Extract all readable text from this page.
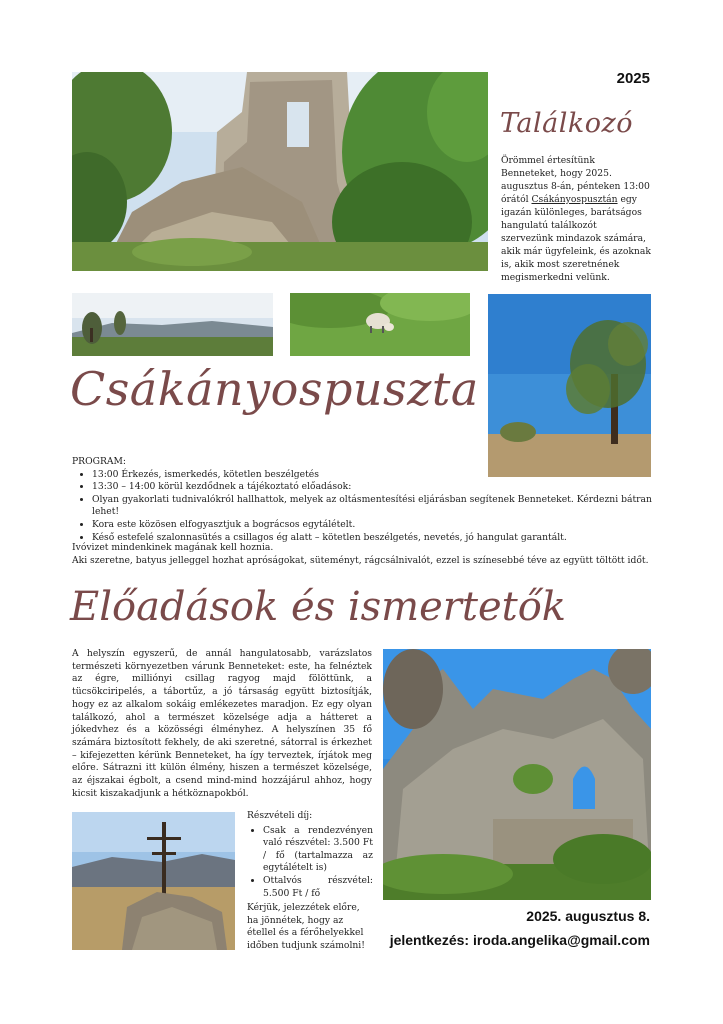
2025
Találkozó
Örömmel értesítünk Benneteket, hogy 2025. augusztus 8-án, pénteken 13:00 órától Csákányospusztán egy igazán különleges, barátságos hangulatú találkozót szervezünk mindazok számára, akik már ügyfeleink, és azoknak is, akik most szeretnének megismerkedni velünk.
Csákányospuszta
PROGRAM:
• 13:00 Érkezés, ismerkedés, kötetlen beszélgetés
• 13:30 – 14:00 körül kezdődnek a tájékoztató előadások:
• Olyan gyakorlati tudnivalókról hallhattok, melyek az oltásmentesítési eljárásban segítenek Benneteket. Kérdezni bátran lehet!
• Kora este közösen elfogyasztjuk a bográcsos egytálételt.
• Késő estefelé szalonnasütés a csillagos ég alatt – kötetlen beszélgetés, nevetés, jó hangulat garantált.
Ivóvizet mindenkinek magának kell hoznia.
Aki szeretne, batyus jelleggel hozhat apróságokat, süteményt, rágcsálnivalót, ezzel is színesebbé téve az együtt töltött időt.
Előadások és ismertetők
A helyszín egyszerű, de annál hangulatosabb, varázslatos természeti környezetben várunk Benneteket: este, ha felnéztek az égre, milliónyi csillag ragyog majd fölöttünk, a tücsökciripelés, a tábortűz, a jó társaság együtt biztosítják, hogy ez az alkalom sokáig emlékezetes maradjon. Ez egy olyan találkozó, ahol a természet közelsége adja a hátteret a jókedvhez és a közösségi élményhez. A helyszínen 35 fő számára biztosított fekhely, de aki szeretné, sátorral is érkezhet – kifejezetten kérünk Benneteket, ha így terveztek, írjátok meg előre. Sátrazni itt külön élmény, hiszen a természet közelsége, az éjszakai égbolt, a csend mind-mind hozzájárul ahhoz, hogy kicsit kiszakadjunk a hétköznapokból.
Részvételi díj:
• Csak a rendezvényen való részvétel: 3.500 Ft / fő (tartalmazza az egytálételt is)
• Ottalvós részvétel: 5.500 Ft / fő
Kérjük, jelezzétek előre, ha jönnétek, hogy az étellel és a férőhelyekkel időben tudjunk számolni!
2025. augusztus 8.
jelentkezés: iroda.angelika@gmail.com
